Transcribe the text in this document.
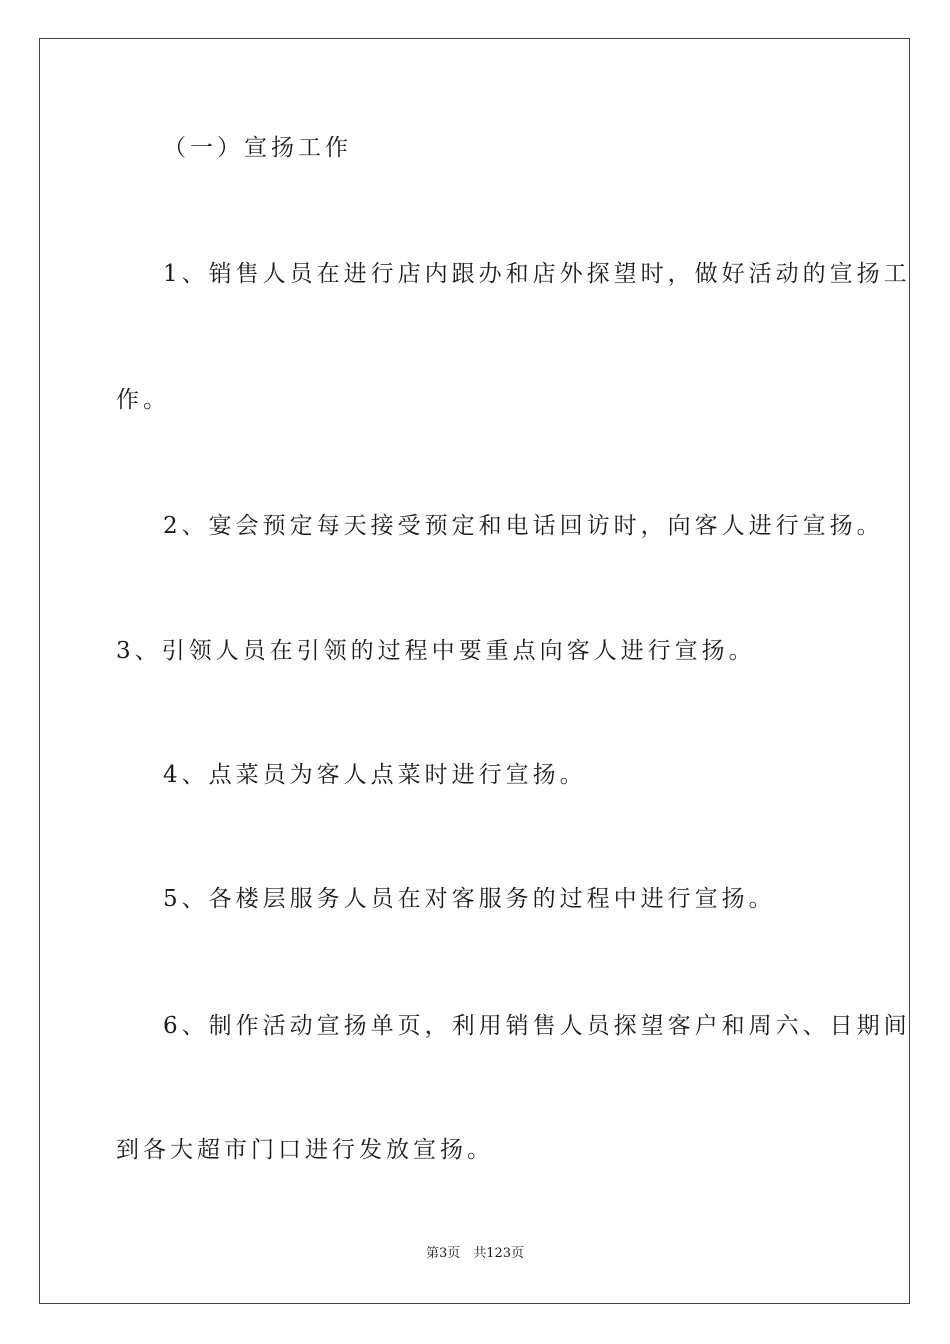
（一）宣扬工作
1、销售人员在进行店内跟办和店外探望时，做好活动的宣扬工
作。
2、宴会预定每天接受预定和电话回访时，向客人进行宣扬。
3、引领人员在引领的过程中要重点向客人进行宣扬。
4、点菜员为客人点菜时进行宣扬。
5、各楼层服务人员在对客服务的过程中进行宣扬。
6、制作活动宣扬单页，利用销售人员探望客户和周六、日期间
到各大超市门口进行发放宣扬。
第3页　共123页
